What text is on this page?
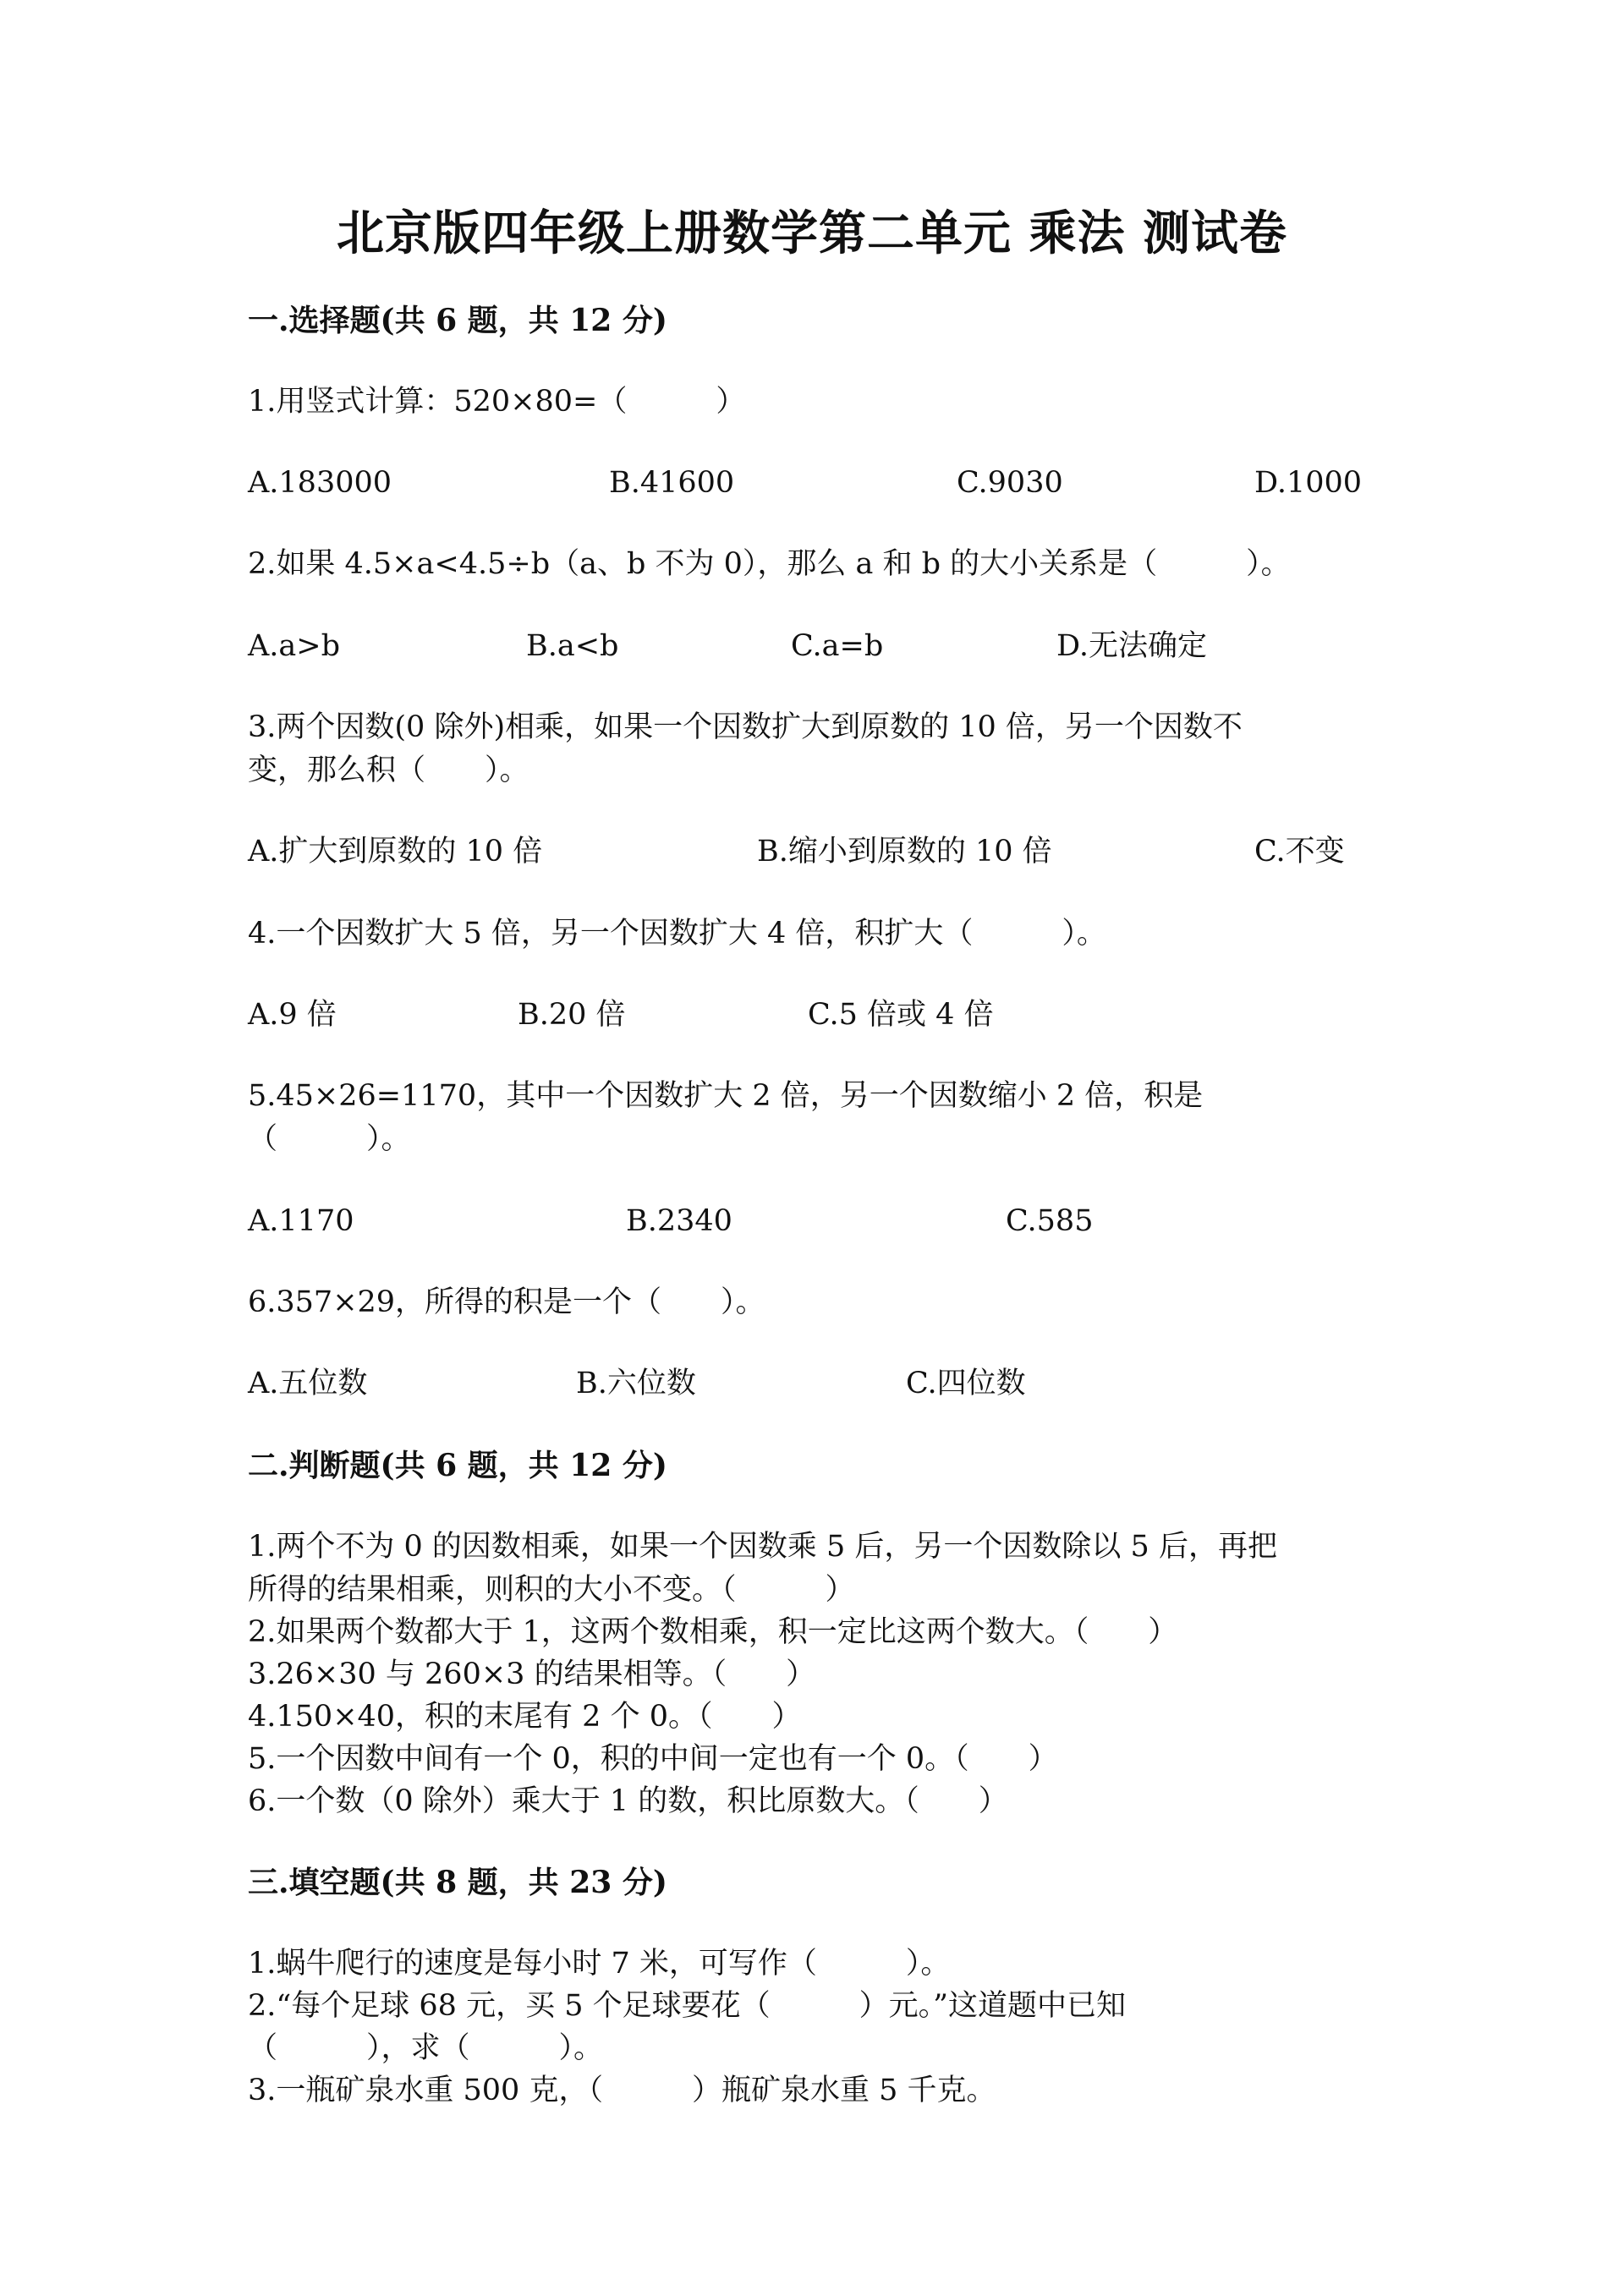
北京版四年级上册数学第二单元 乘法 测试卷
一.选择题(共 6 题，共 12 分)
1.用竖式计算：520×80=（　　　）
A.183000	B.41600	C.9030	D.1000
2.如果 4.5×a<4.5÷b（a、b 不为 0），那么 a 和 b 的大小关系是（　　　）。
A.a>b	B.a<b	C.a=b	D.无法确定
3.两个因数(0 除外)相乘，如果一个因数扩大到原数的 10 倍，另一个因数不
变，那么积（　　）。
A.扩大到原数的 10 倍	B.缩小到原数的 10 倍	C.不变
4.一个因数扩大 5 倍，另一个因数扩大 4 倍，积扩大（　　　）。
A.9 倍	B.20 倍	C.5 倍或 4 倍
5.45×26=1170，其中一个因数扩大 2 倍，另一个因数缩小 2 倍，积是
（　　　）。
A.1170	B.2340	C.585
6.357×29，所得的积是一个（　　）。
A.五位数	B.六位数	C.四位数
二.判断题(共 6 题，共 12 分)
1.两个不为 0 的因数相乘，如果一个因数乘 5 后，另一个因数除以 5 后，再把
所得的结果相乘，则积的大小不变。（　　　）
2.如果两个数都大于 1，这两个数相乘，积一定比这两个数大。（　　）
3.26×30 与 260×3 的结果相等。（　　）
4.150×40，积的末尾有 2 个 0。（　　）
5.一个因数中间有一个 0，积的中间一定也有一个 0。（　　）
6.一个数（0 除外）乘大于 1 的数，积比原数大。（　　）
三.填空题(共 8 题，共 23 分)
1.蜗牛爬行的速度是每小时 7 米，可写作（　　　）。
2.“每个足球 68 元，买 5 个足球要花（　　　）元。”这道题中已知
（　　　），求（　　　）。
3.一瓶矿泉水重 500 克，（　　　）瓶矿泉水重 5 千克。
